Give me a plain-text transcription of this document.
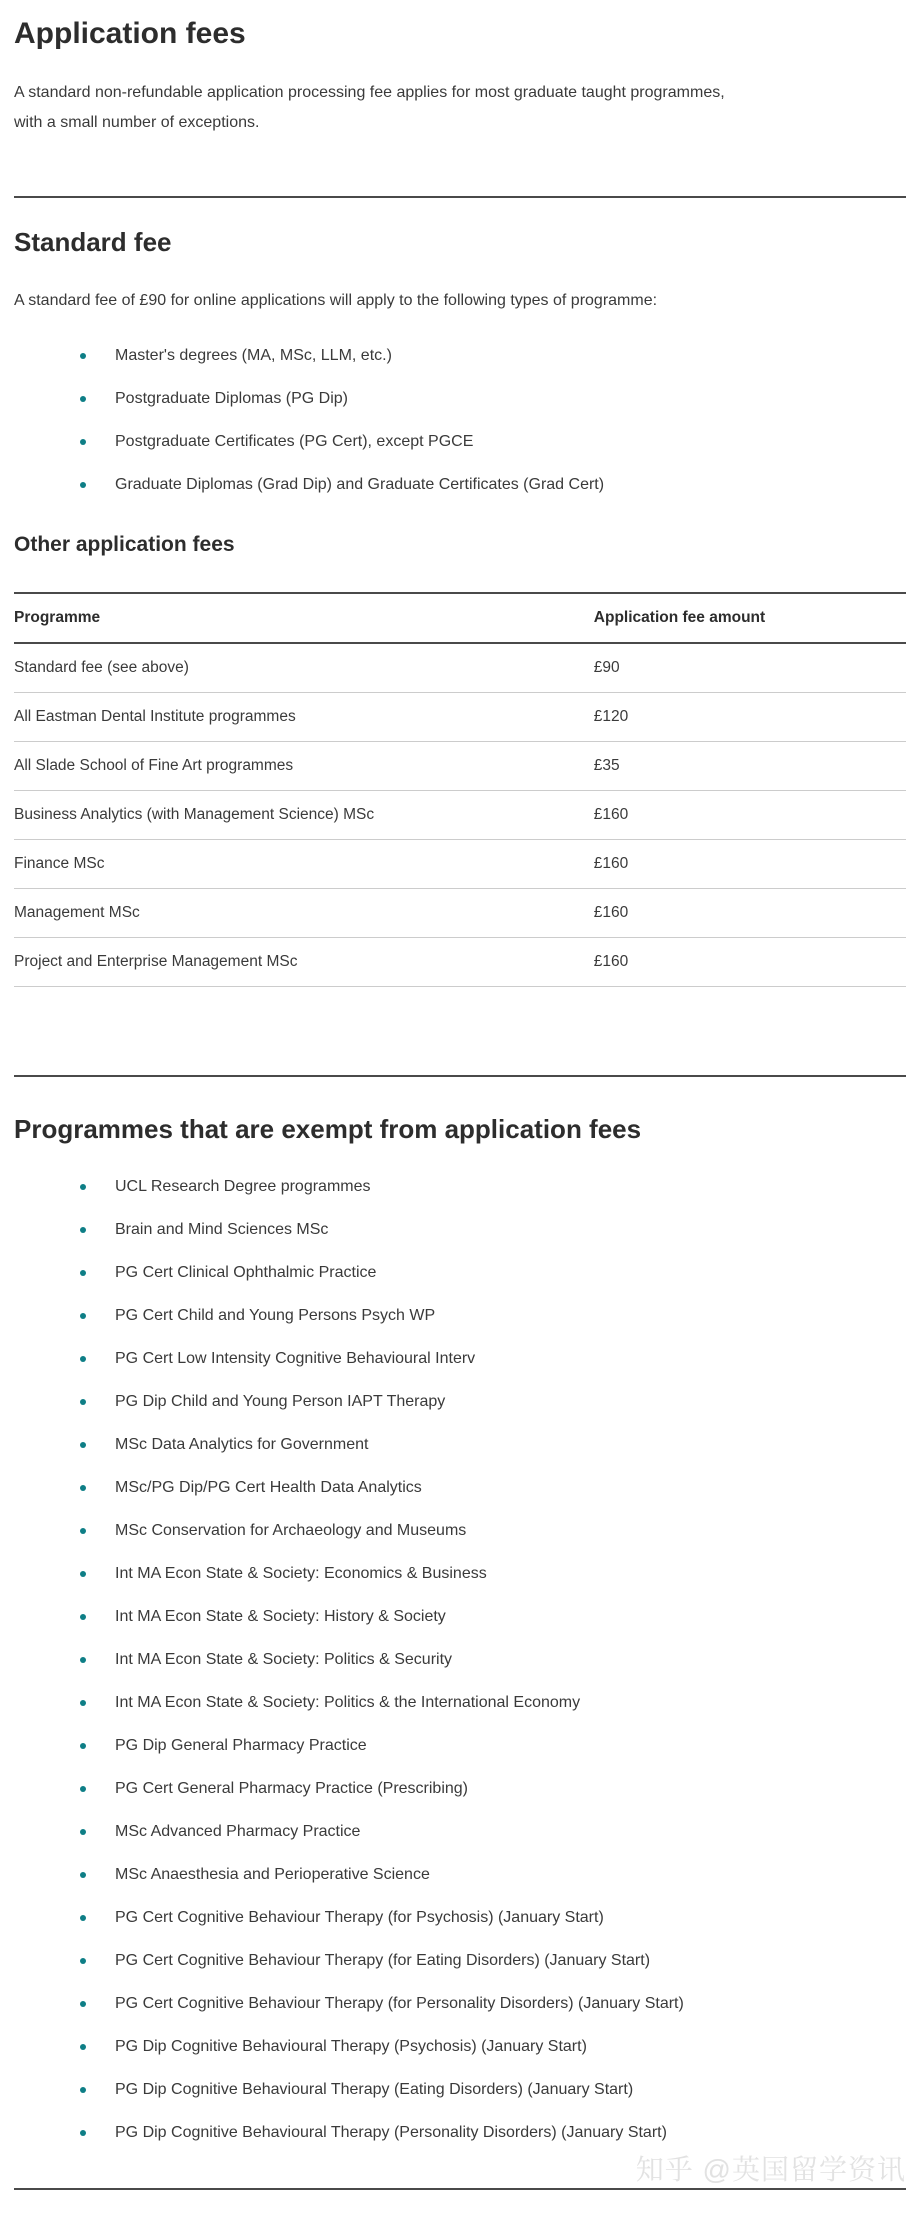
Application fees

A standard non-refundable application processing fee applies for most graduate taught programmes, with a small number of exceptions.

Standard fee

A standard fee of £90 for online applications will apply to the following types of programme:

Master's degrees (MA, MSc, LLM, etc.)
Postgraduate Diplomas (PG Dip)
Postgraduate Certificates (PG Cert), except PGCE
Graduate Diplomas (Grad Dip) and Graduate Certificates (Grad Cert)
Other application fees
Programme	Application fee amount
Standard fee (see above)	£90
All Eastman Dental Institute programmes	£120
All Slade School of Fine Art programmes	£35
Business Analytics (with Management Science) MSc	£160
Finance MSc	£160
Management MSc	£160
Project and Enterprise Management MSc	£160
Programmes that are exempt from application fees
UCL Research Degree programmes
Brain and Mind Sciences MSc
PG Cert Clinical Ophthalmic Practice
PG Cert Child and Young Persons Psych WP
PG Cert Low Intensity Cognitive Behavioural Interv
PG Dip Child and Young Person IAPT Therapy
MSc Data Analytics for Government
MSc/PG Dip/PG Cert Health Data Analytics
MSc Conservation for Archaeology and Museums
Int MA Econ State & Society: Economics & Business
Int MA Econ State & Society: History & Society
Int MA Econ State & Society: Politics & Security
Int MA Econ State & Society: Politics & the International Economy
PG Dip General Pharmacy Practice
PG Cert General Pharmacy Practice (Prescribing)
MSc Advanced Pharmacy Practice
MSc Anaesthesia and Perioperative Science
PG Cert Cognitive Behaviour Therapy (for Psychosis) (January Start)
PG Cert Cognitive Behaviour Therapy (for Eating Disorders) (January Start)
PG Cert Cognitive Behaviour Therapy (for Personality Disorders) (January Start)
PG Dip Cognitive Behavioural Therapy (Psychosis) (January Start)
PG Dip Cognitive Behavioural Therapy (Eating Disorders) (January Start)
PG Dip Cognitive Behavioural Therapy (Personality Disorders) (January Start)
知乎 @英国留学资讯
